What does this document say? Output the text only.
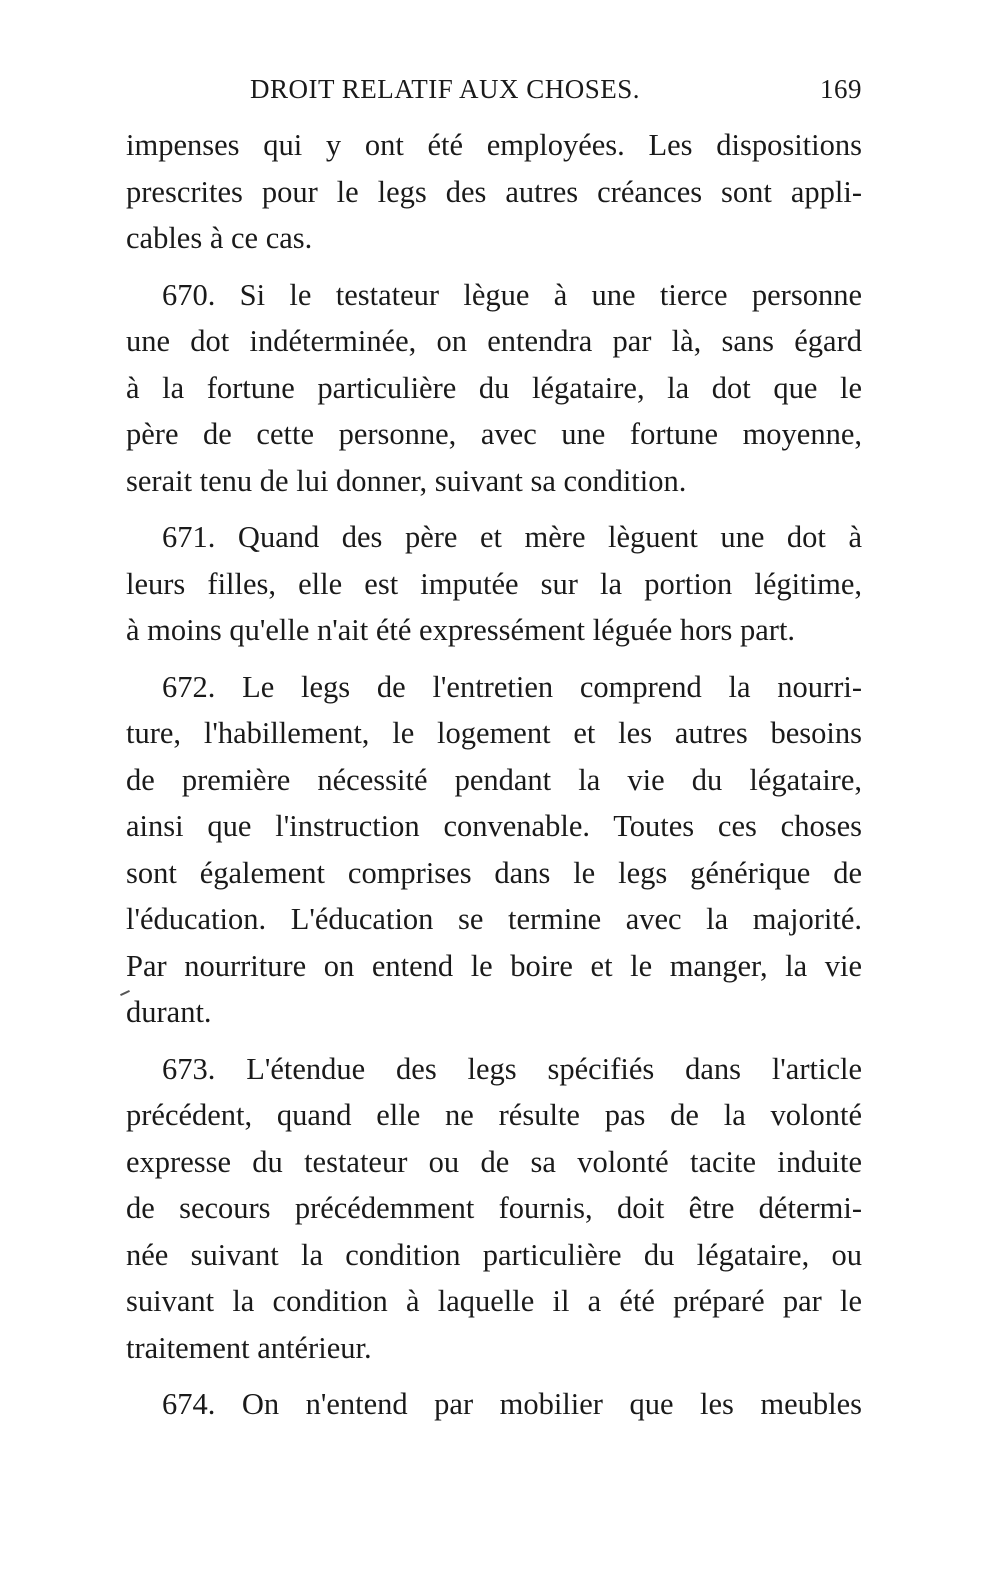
DROIT RELATIF AUX CHOSES.	169
impenses qui y ont été employées. Les dispositions
prescrites pour le legs des autres créances sont appli-
cables à ce cas.
670. Si le testateur lègue à une tierce personne
une dot indéterminée, on entendra par là, sans égard
à la fortune particulière du légataire, la dot que le
père de cette personne, avec une fortune moyenne,
serait tenu de lui donner, suivant sa condition.
671. Quand des père et mère lèguent une dot à
leurs filles, elle est imputée sur la portion légitime,
à moins qu'elle n'ait été expressément léguée hors part.
672. Le legs de l'entretien comprend la nourri-
ture, l'habillement, le logement et les autres besoins
de première nécessité pendant la vie du légataire,
ainsi que l'instruction convenable. Toutes ces choses
sont également comprises dans le legs générique de
l'éducation. L'éducation se termine avec la majorité.
Par nourriture on entend le boire et le manger, la vie
durant.
673. L'étendue des legs spécifiés dans l'article
précédent, quand elle ne résulte pas de la volonté
expresse du testateur ou de sa volonté tacite induite
de secours précédemment fournis, doit être détermi-
née suivant la condition particulière du légataire, ou
suivant la condition à laquelle il a été préparé par le
traitement antérieur.
674. On n'entend par mobilier que les meubles
